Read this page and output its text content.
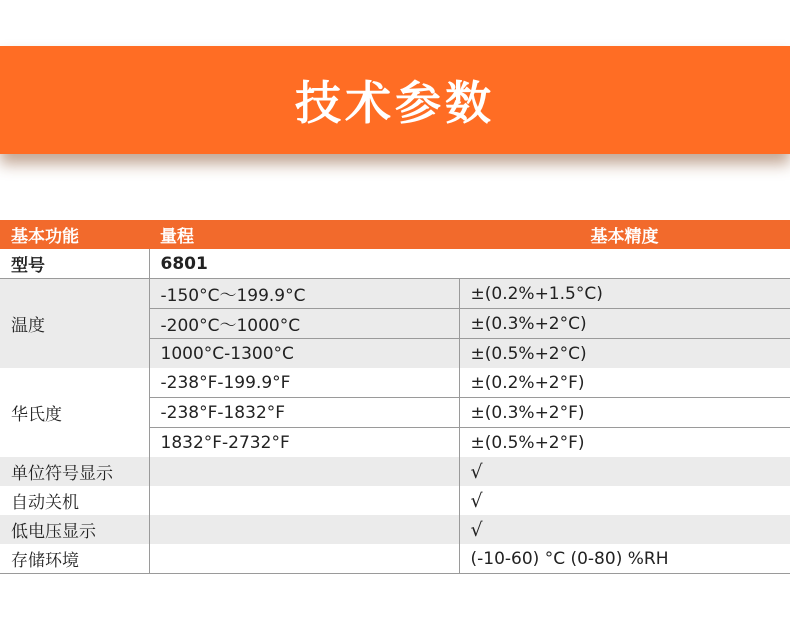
技术参数
基本功能	量程	基本精度
型号	6801	
温度	-150°C～199.9°C	±(0.2%+1.5°C)
	-200°C～1000°C	±(0.3%+2°C)
	1000°C-1300°C	±(0.5%+2°C)
华氏度	-238°F-199.9°F	±(0.2%+2°F)
	-238°F-1832°F	±(0.3%+2°F)
	1832°F-2732°F	±(0.5%+2°F)
单位符号显示		√
自动关机		√
低电压显示		√
存储环境		(-10-60) °C (0-80) %RH
